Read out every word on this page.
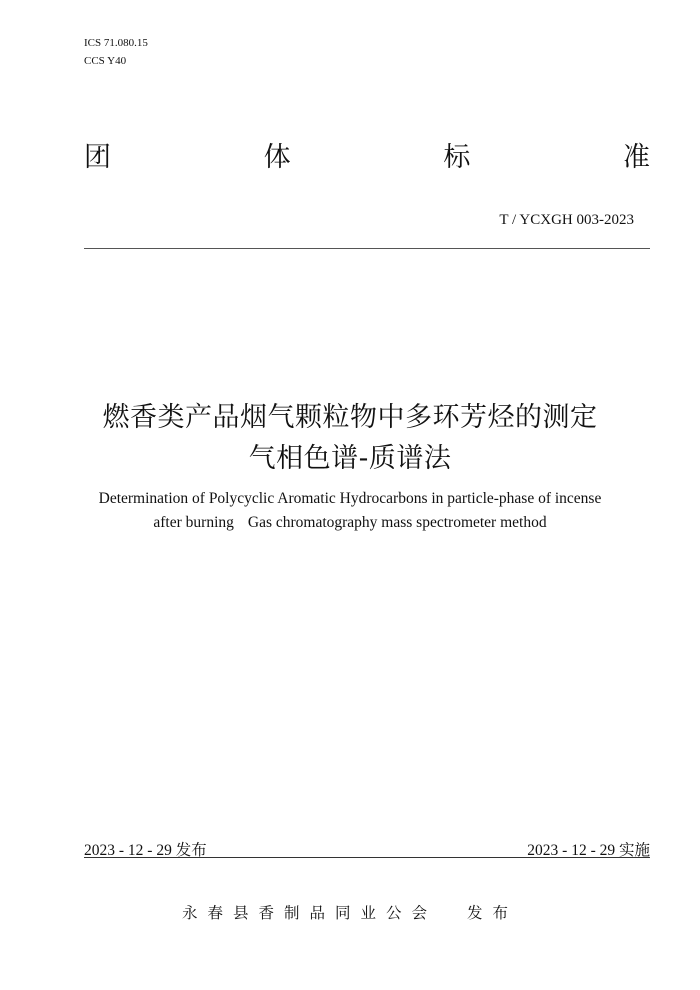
ICS 71.080.15
CCS Y40
团	体	标	准
T / YCXGH 003-2023
燃香类产品烟气颗粒物中多环芳烃的测定
气相色谱-质谱法
Determination of Polycyclic Aromatic Hydrocarbons in particle-phase of incense
after burning Gas chromatography mass spectrometer method
2023 - 12 - 29 发布	2023 - 12 - 29 实施
永春县香制品同业公会 发布
